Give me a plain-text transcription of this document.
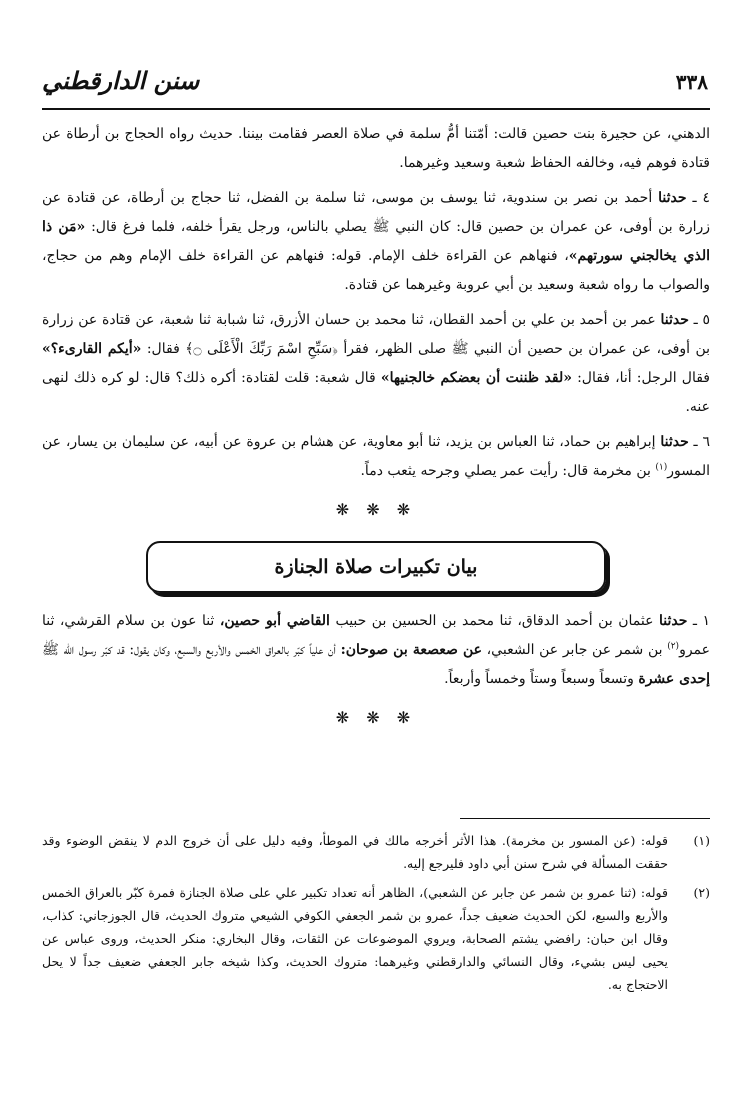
٣٣٨
سنن الدارقطني

الدهني، عن حجيرة بنت حصين قالت: أمّتنا أمُّ سلمة في صلاة العصر فقامت بيننا. حديث رواه الحجاج بن أرطاة عن قتادة فوهم فيه، وخالفه الحفاظ شعبة وسعيد وغيرهما.

٤ ـ حدثنا أحمد بن نصر بن سندوية، ثنا يوسف بن موسى، ثنا سلمة بن الفضل، ثنا حجاج بن أرطاة، عن قتادة عن زرارة بن أوفى، عن عمران بن حصين قال: كان النبي ﷺ يصلي بالناس، ورجل يقرأ خلفه، فلما فرغ قال: «مَن ذا الذي يخالجني سورتهم»، فنهاهم عن القراءة خلف الإمام. قوله: فنهاهم عن القراءة خلف الإمام وهم من حجاج، والصواب ما رواه شعبة وسعيد بن أبي عروبة وغيرهما عن قتادة.

٥ ـ حدثنا عمر بن أحمد بن علي بن أحمد القطان، ثنا محمد بن حسان الأزرق، ثنا شبابة ثنا شعبة، عن قتادة عن زرارة بن أوفى، عن عمران بن حصين أن النبي ﷺ صلى الظهر، فقرأ ﴿سَبِّحِ اسْمَ رَبِّكَ الْأَعْلَى ۝﴾ فقال: «أيكم القارىء؟» فقال الرجل: أنا، فقال: «لقد ظننت أن بعضكم خالجنيها» قال شعبة: قلت لقتادة: أكره ذلك؟ قال: لو كره ذلك لنهى عنه.

٦ ـ حدثنا إبراهيم بن حماد، ثنا العباس بن يزيد، ثنا أبو معاوية، عن هشام بن عروة عن أبيه، عن سليمان بن يسار، عن المسور$^{(١)}$ بن مخرمة قال: رأيت عمر يصلي وجرحه يثعب دماً.

❋ ❋ ❋
بيان تكبيرات صلاة الجنازة

١ ـ حدثنا عثمان بن أحمد الدقاق، ثنا محمد بن الحسين بن حبيب القاضي أبو حصين، ثنا عون بن سلام القرشي، ثنا عمرو$^{(٢)}$ بن شمر عن جابر عن الشعبي، عن صعصعة بن صوحان: أن علياً كبّر بالعراق الخمس والأربع والسبع، وكان يقول: قد كبّر رسول الله ﷺ إحدى عشرة وتسعاً وسبعاً وستاً وخمساً وأربعاً.

❋ ❋ ❋
(١)
قوله: (عن المسور بن مخرمة). هذا الأثر أخرجه مالك في الموطأ، وفيه دليل على أن خروج الدم لا ينقض الوضوء وقد حققت المسألة في شرح سنن أبي داود فليرجع إليه.
(٢)
قوله: (ثنا عمرو بن شمر عن جابر عن الشعبي)، الظاهر أنه تعداد تكبير علي على صلاة الجنازة فمرة كبّر بالعراق الخمس والأربع والسبع، لكن الحديث ضعيف جداً، عمرو بن شمر الجعفي الكوفي الشيعي متروك الحديث، قال الجوزجاني: كذاب، وقال ابن حبان: رافضي يشتم الصحابة، ويروي الموضوعات عن الثقات، وقال البخاري: منكر الحديث، وروى عباس عن يحيى ليس بشيء، وقال النسائي والدارقطني وغيرهما: متروك الحديث، وكذا شيخه جابر الجعفي ضعيف جداً لا يحل الاحتجاج به.
